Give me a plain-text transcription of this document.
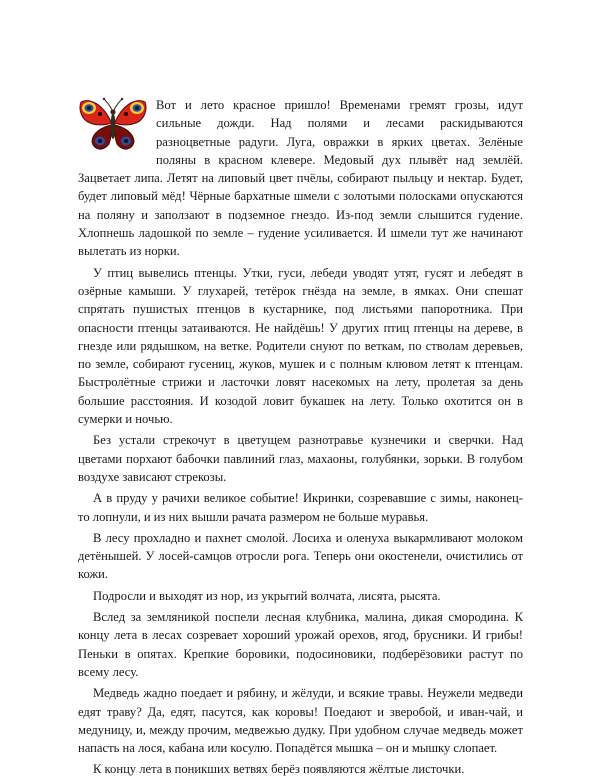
Вот и лето красное пришло! Временами гремят грозы, идут сильные дожди. Над полями и лесами раскидываются разноцветные радуги. Луга, овражки в ярких цветах. Зелёные поляны в красном клевере. Медовый дух плывёт над землёй. Зацветает липа. Летят на липовый цвет пчёлы, собирают пыльцу и нектар. Будет, будет липовый мёд! Чёрные бархатные шмели с золотыми полосками опускаются на поляну и заползают в подземное гнездо. Из-под земли слышится гудение. Хлопнешь ладошкой по земле – гудение усиливается. И шмели тут же начинают вылетать из норки.

У птиц вывелись птенцы. Утки, гуси, лебеди уводят утят, гусят и лебедят в озёрные камыши. У глухарей, тетёрок гнёзда на земле, в ямках. Они спешат спрятать пушистых птенцов в кустарнике, под листьями папоротника. При опасности птенцы затаиваются. Не найдёшь! У других птиц птенцы на дереве, в гнезде или рядышком, на ветке. Родители снуют по веткам, по стволам деревьев, по земле, собирают гусениц, жуков, мушек и с полным клювом летят к птенцам. Быстролётные стрижи и ласточки ловят насекомых на лету, пролетая за день большие расстояния. И козодой ловит букашек на лету. Только охотится он в сумерки и ночью.

Без устали стрекочут в цветущем разнотравье кузнечики и сверчки. Над цветами порхают бабочки павлиний глаз, махаоны, голубянки, зорьки. В голубом воздухе зависают стрекозы.

А в пруду у рачихи великое событие! Икринки, созревавшие с зимы, наконец-то лопнули, и из них вышли рачата размером не больше муравья.

В лесу прохладно и пахнет смолой. Лосиха и оленуха выкармливают молоком детёнышей. У лосей-самцов отросли рога. Теперь они окостенели, очистились от кожи.

Подросли и выходят из нор, из укрытий волчата, лисята, рысята.

Вслед за земляникой поспели лесная клубника, малина, дикая смородина. К концу лета в лесах созревает хороший урожай орехов, ягод, брусники. И грибы! Пеньки в опятах. Крепкие боровики, подосиновики, подберёзовики растут по всему лесу.

Медведь жадно поедает и рябину, и жёлуди, и всякие травы. Неужели медведи едят траву? Да, едят, пасутся, как коровы! Поедают и зверобой, и иван-чай, и медуницу, и, между прочим, медвежью дудку. При удобном случае медведь может напасть на лося, кабана или косулю. Попадётся мышка – он и мышку слопает.

К концу лета в поникших ветвях берёз появляются жёлтые листочки.
